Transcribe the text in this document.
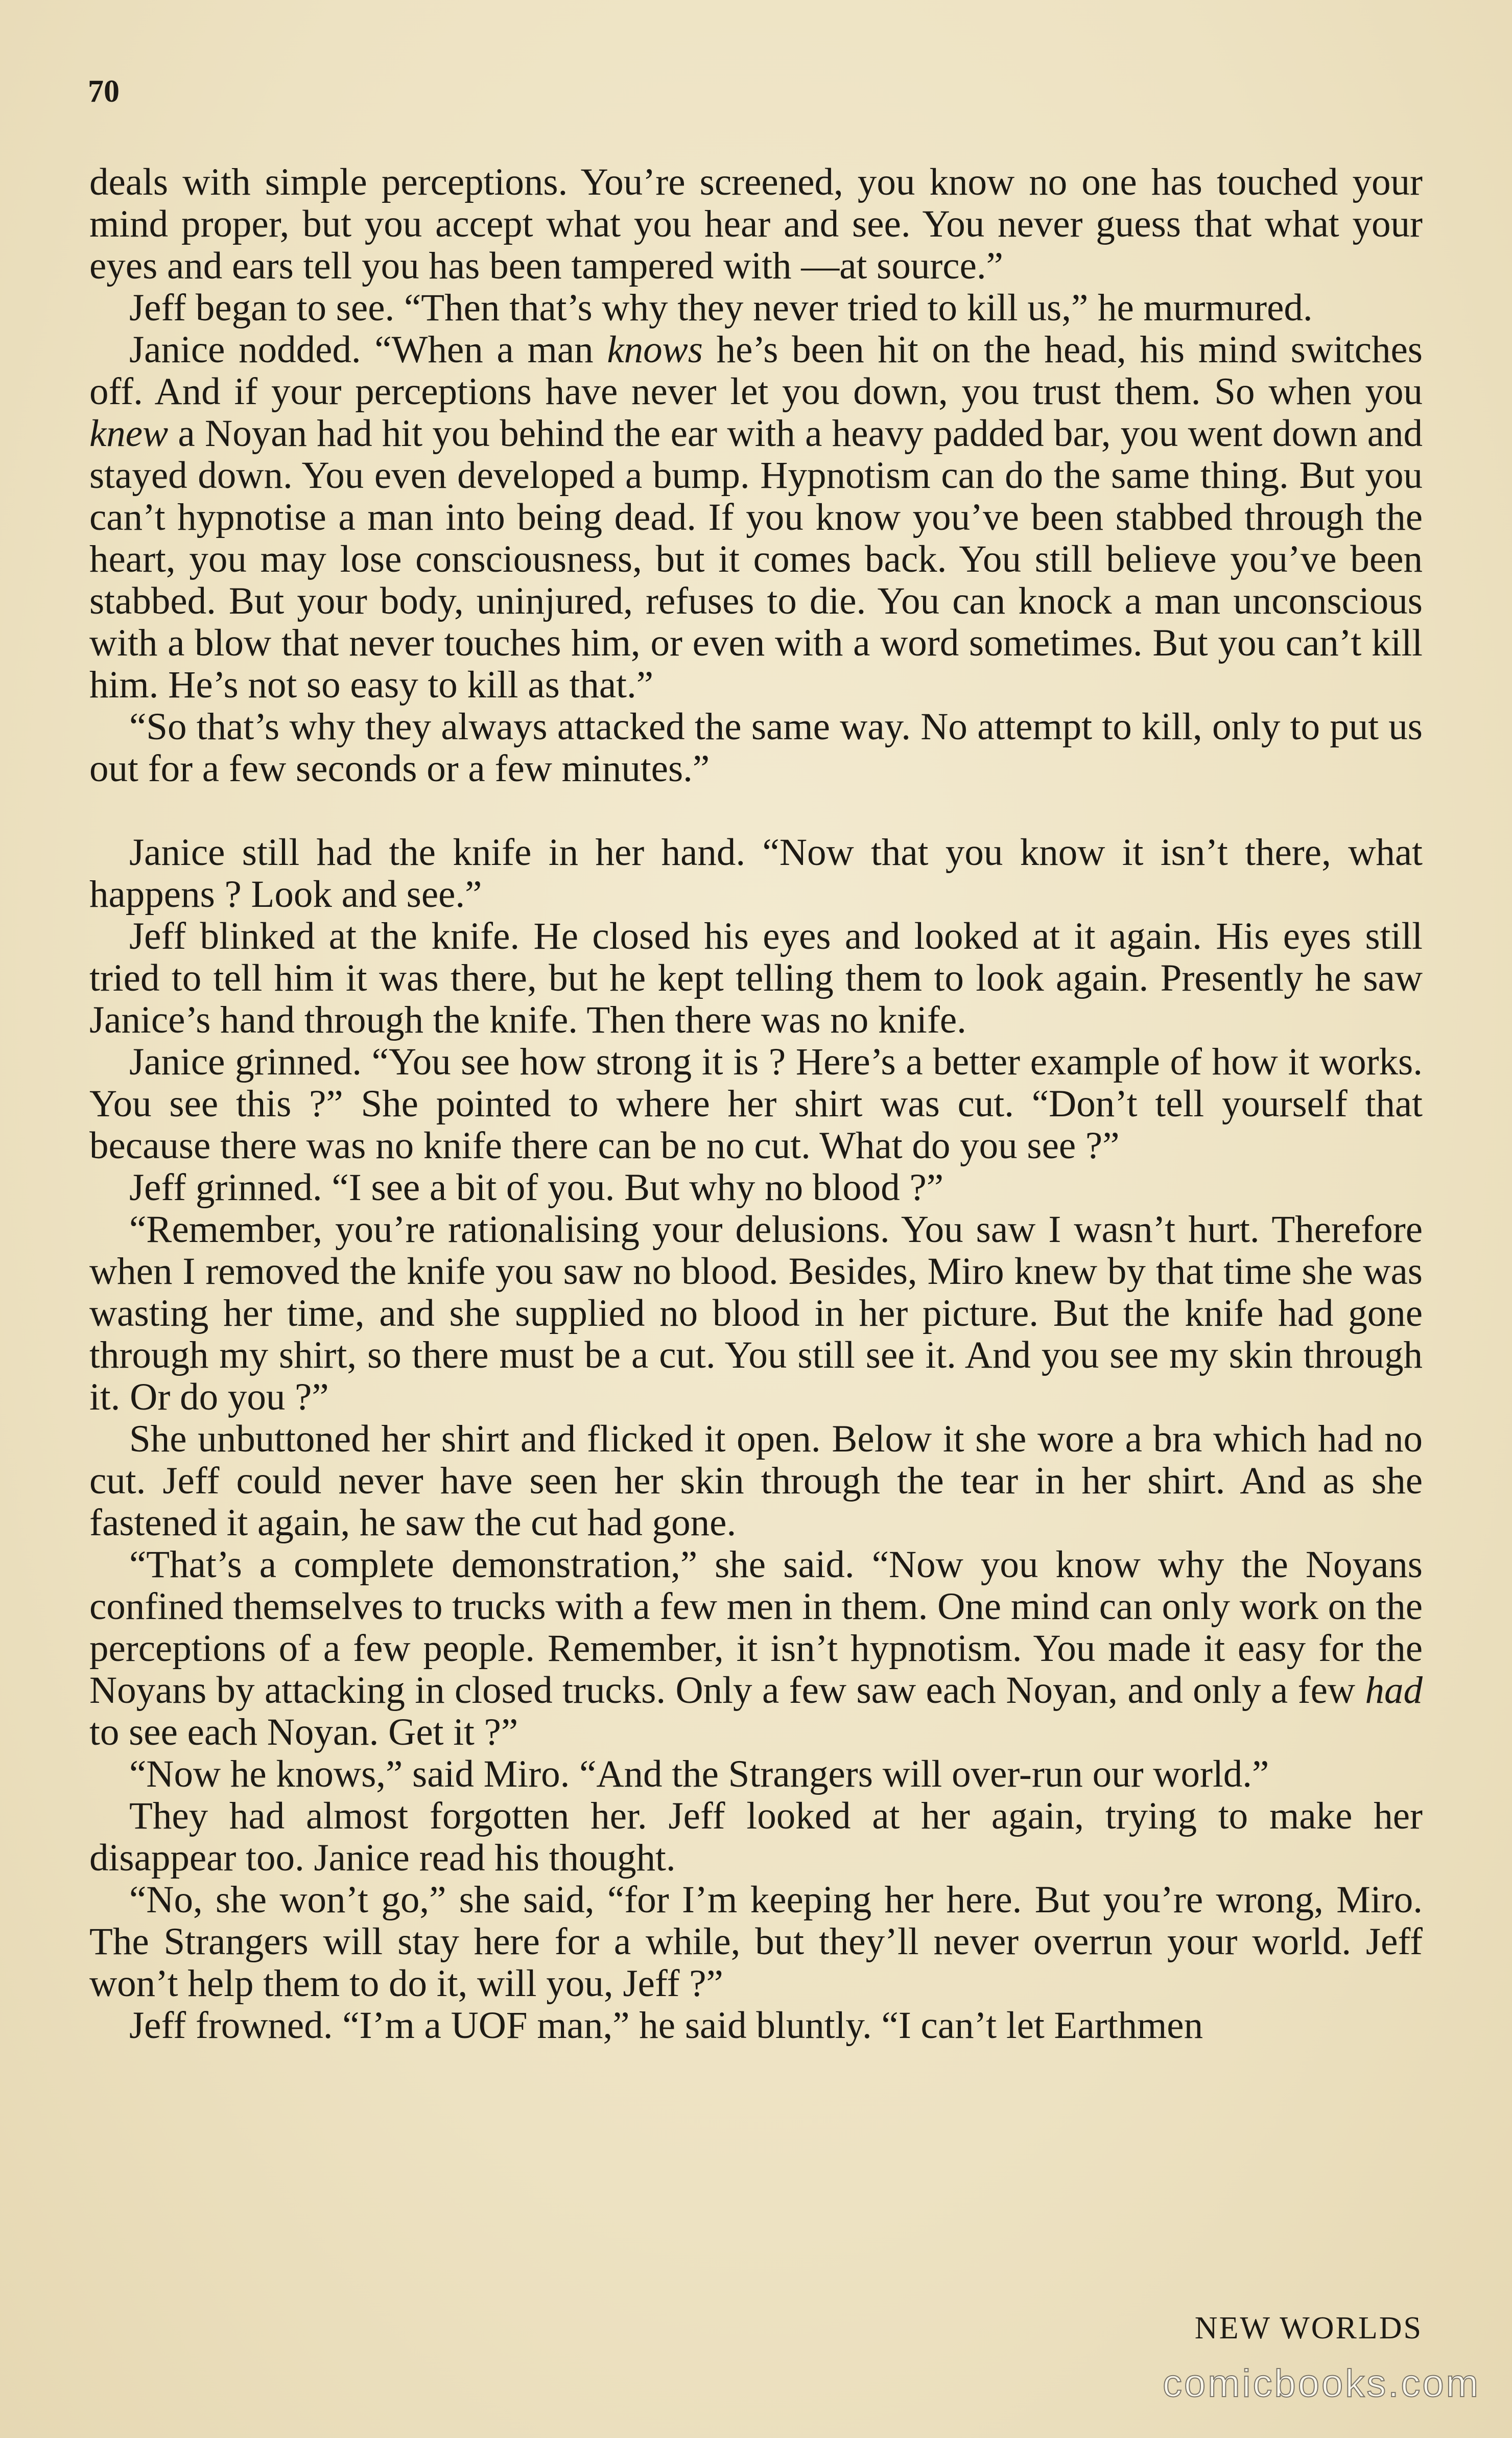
70

deals with simple perceptions. You’re screened, you know no one has touched your mind proper, but you accept what you hear and see. You never guess that what your eyes and ears tell you has been tampered with —at source.”

Jeff began to see. “Then that’s why they never tried to kill us,” he murmured.

Janice nodded. “When a man knows he’s been hit on the head, his mind switches off. And if your perceptions have never let you down, you trust them. So when you knew a Noyan had hit you behind the ear with a heavy padded bar, you went down and stayed down. You even developed a bump. Hypnotism can do the same thing. But you can’t hypnotise a man into being dead. If you know you’ve been stabbed through the heart, you may lose consciousness, but it comes back. You still believe you’ve been stabbed. But your body, uninjured, refuses to die. You can knock a man unconscious with a blow that never touches him, or even with a word sometimes. But you can’t kill him. He’s not so easy to kill as that.”

“So that’s why they always attacked the same way. No attempt to kill, only to put us out for a few seconds or a few minutes.”

Janice still had the knife in her hand. “Now that you know it isn’t there, what happens ? Look and see.”

Jeff blinked at the knife. He closed his eyes and looked at it again. His eyes still tried to tell him it was there, but he kept telling them to look again. Presently he saw Janice’s hand through the knife. Then there was no knife.

Janice grinned. “You see how strong it is ? Here’s a better example of how it works. You see this ?” She pointed to where her shirt was cut. “Don’t tell yourself that because there was no knife there can be no cut. What do you see ?”

Jeff grinned. “I see a bit of you. But why no blood ?”

“Remember, you’re rationalising your delusions. You saw I wasn’t hurt. Therefore when I removed the knife you saw no blood. Besides, Miro knew by that time she was wasting her time, and she supplied no blood in her picture. But the knife had gone through my shirt, so there must be a cut. You still see it. And you see my skin through it. Or do you ?”

She unbuttoned her shirt and flicked it open. Below it she wore a bra which had no cut. Jeff could never have seen her skin through the tear in her shirt. And as she fastened it again, he saw the cut had gone.

“That’s a complete demonstration,” she said. “Now you know why the Noyans confined themselves to trucks with a few men in them. One mind can only work on the perceptions of a few people. Remember, it isn’t hypnotism. You made it easy for the Noyans by attacking in closed trucks. Only a few saw each Noyan, and only a few had to see each Noyan. Get it ?”

“Now he knows,” said Miro. “And the Strangers will over-run our world.”

They had almost forgotten her. Jeff looked at her again, trying to make her disappear too. Janice read his thought.

“No, she won’t go,” she said, “for I’m keeping her here. But you’re wrong, Miro. The Strangers will stay here for a while, but they’ll never overrun your world. Jeff won’t help them to do it, will you, Jeff ?”

Jeff frowned. “I’m a UOF man,” he said bluntly. “I can’t let Earthmen

NEW WORLDS
comicbooks.com
